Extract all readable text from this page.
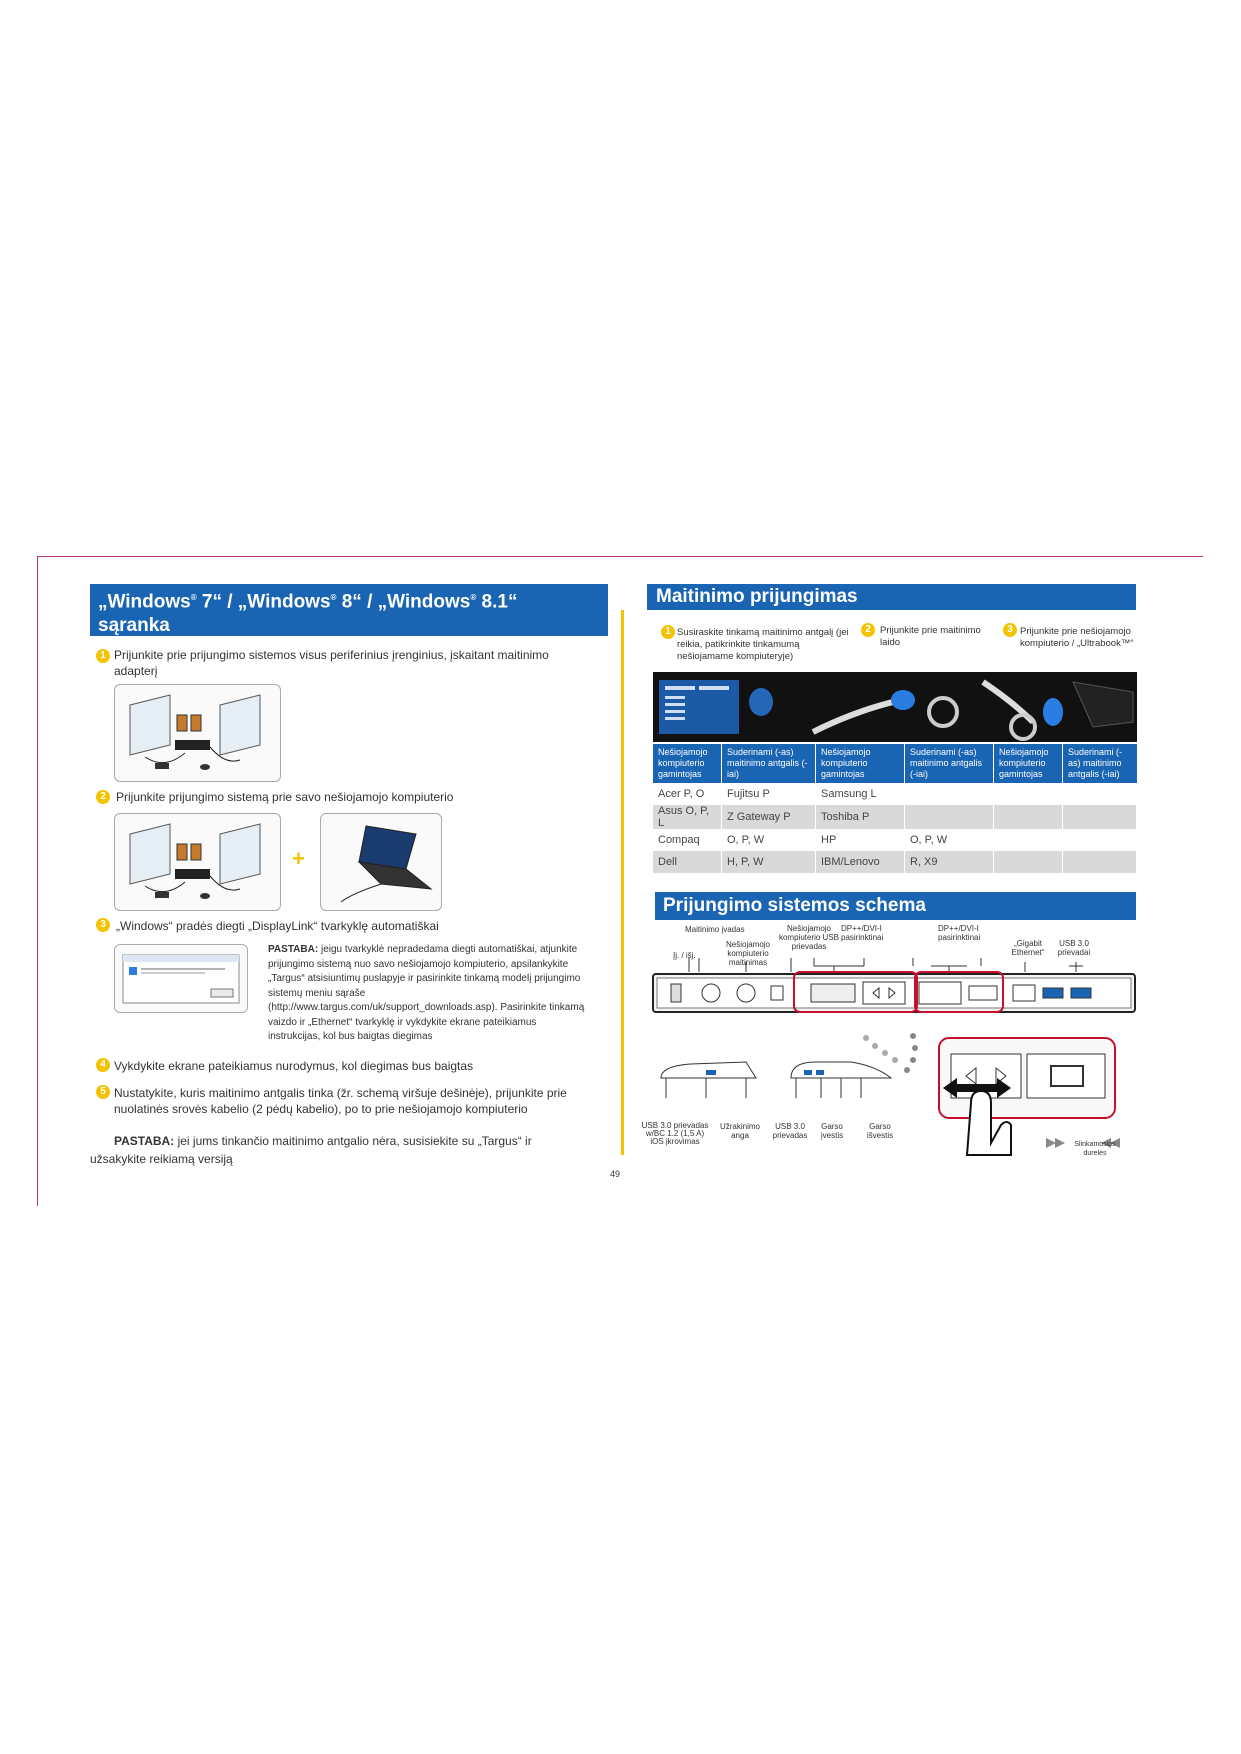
„Windows® 7“ / „Windows® 8“ / „Windows® 8.1“
sąranka
1 Prijunkite prie prijungimo sistemos visus periferinius įrenginius, įskaitant maitinimo adapterį
2 Prijunkite prijungimo sistemą prie savo nešiojamojo kompiuterio
+
3 „Windows“ pradės diegti „DisplayLink“ tvarkyklę automatiškai
PASTABA: jeigu tvarkyklė nepradedama diegti automatiškai, atjunkite prijungimo sistemą nuo savo nešiojamojo kompiuterio, apsilankykite „Targus“ atsisiuntimų puslapyje ir pasirinkite tinkamą modelį prijungimo sistemų meniu sąraše (http://www.targus.com/uk/support_downloads.asp). Pasirinkite tinkamą vaizdo ir „Ethernet“ tvarkyklę ir vykdykite ekrane pateikiamus instrukcijas, kol bus baigtas diegimas
4 Vykdykite ekrane pateikiamus nurodymus, kol diegimas bus baigtas
5 Nustatykite, kuris maitinimo antgalis tinka (žr. schemą viršuje dešinėje), prijunkite prie nuolatinės srovės kabelio (2 pėdų kabelio), po to prie nešiojamojo kompiuterio
PASTABA: jei jums tinkančio maitinimo antgalio nėra, susisiekite su „Targus“ ir užsakykite reikiamą versiją
49
Maitinimo prijungimas
1 Susiraskite tinkamą maitinimo antgalį (jei reikia, patikrinkite tinkamumą nešiojamame kompiuteryje)
2 Prijunkite prie maitinimo laido
3 Prijunkite prie nešiojamojo kompiuterio / „Ultrabook™“
Nešiojamojo kompiuterio gamintojas	Suderinami (-as) maitinimo antgalis (-iai)	Nešiojamojo kompiuterio gamintojas	Suderinami (-as) maitinimo antgalis (-iai)	Nešiojamojo kompiuterio gamintojas	Suderinami (-as) maitinimo antgalis (-iai)
Acer P, O	Fujitsu P	Samsung L			
Asus O, P, L	Z Gateway P	Toshiba P			
Compaq	O, P, W	HP	O, P, W		
Dell	H, P, W	IBM/Lenovo	R, X9		
Prijungimo sistemos schema
Maitinimo įvadas
Įj. / išj.
Nešiojamojo kompiuterio USB prievadas
Nešiojamojo kompiuterio maitinimas
DP++/DVI-I pasirinktinai
DP++/DVI-I pasirinktinai
„Gigabit Ethernet“
USB 3.0 prievadai
USB 3.0 prievadas w/BC 1.2 (1,5 A) iOS įkrovimas
Užrakinimo anga
USB 3.0 prievadas
Garso įvestis
Garso išvestis
Slinkamosios durelės
